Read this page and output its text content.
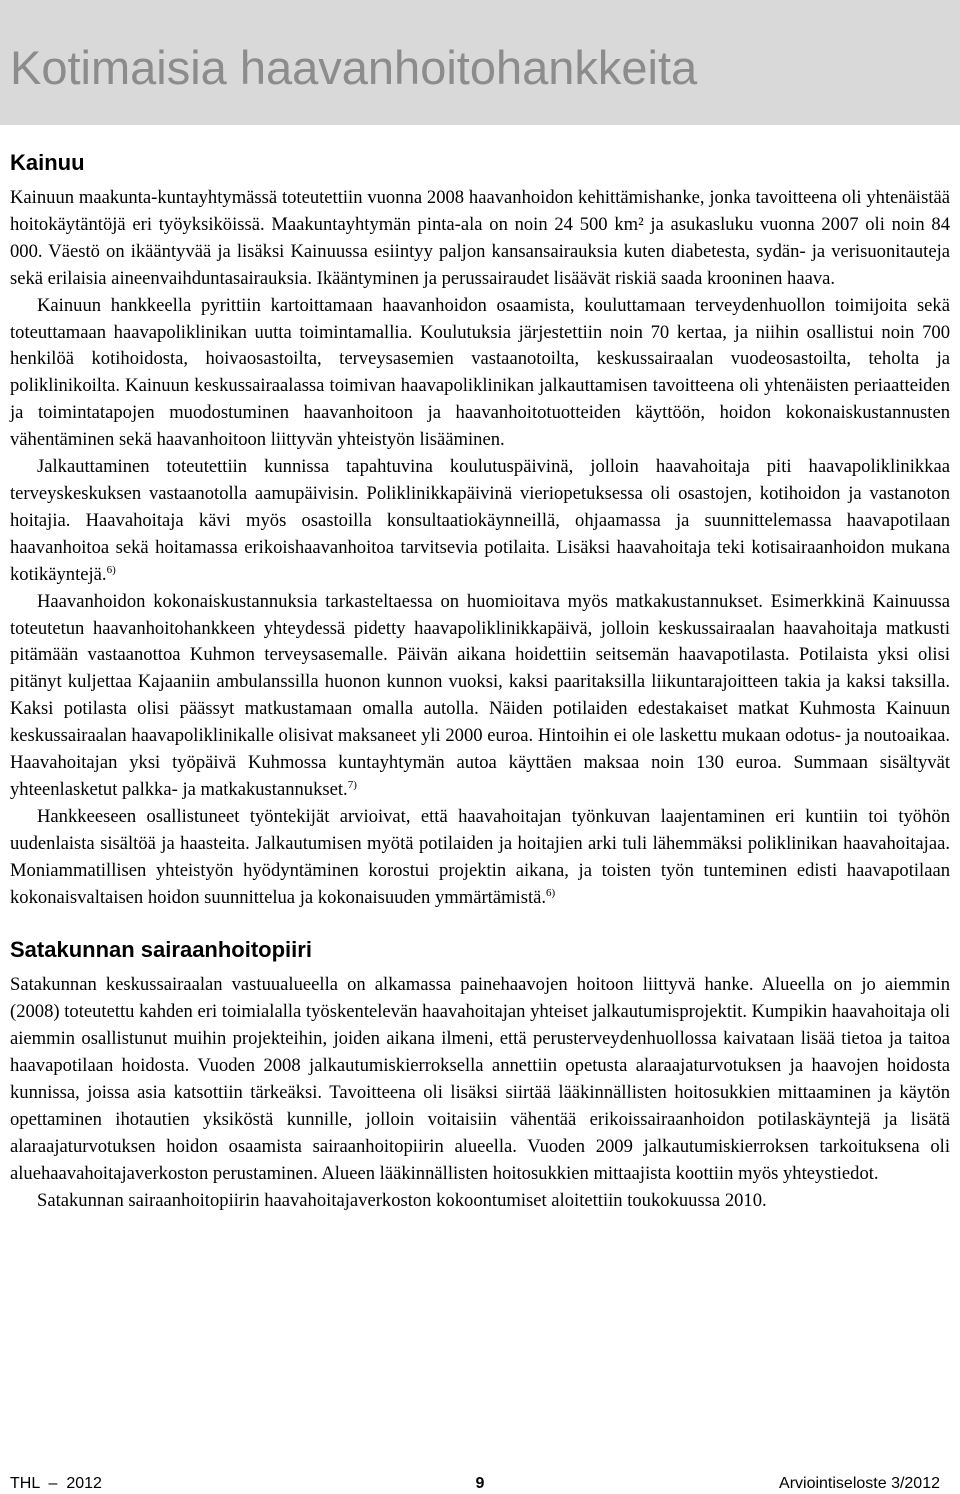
Kotimaisia haavanhoitohankkeita
Kainuu

Kainuun maakunta-kuntayhtymässä toteutettiin vuonna 2008 haavanhoidon kehittämishanke, jonka tavoitteena oli yhtenäistää hoitokäytäntöjä eri työyksiköissä. Maakuntayhtymän pinta-ala on noin 24 500 km² ja asukasluku vuonna 2007 oli noin 84 000. Väestö on ikääntyvää ja lisäksi Kainuussa esiintyy paljon kansansairauksia kuten diabetesta, sydän- ja verisuonitauteja sekä erilaisia aineenvaihduntasairauksia. Ikääntyminen ja perussairaudet lisäävät riskiä saada krooninen haava.

Kainuun hankkeella pyrittiin kartoittamaan haavanhoidon osaamista, kouluttamaan terveydenhuollon toimijoita sekä toteuttamaan haavapoliklinikan uutta toimintamallia. Koulutuksia järjestettiin noin 70 kertaa, ja niihin osallistui noin 700 henkilöä kotihoidosta, hoivaosastoilta, terveysasemien vastaanotoilta, keskussairaalan vuodeosastoilta, teholta ja poliklinikoilta. Kainuun keskussairaalassa toimivan haavapoliklinikan jalkauttamisen tavoitteena oli yhtenäisten periaatteiden ja toimintatapojen muodostuminen haavanhoitoon ja haavanhoitotuotteiden käyttöön, hoidon kokonaiskustannusten vähentäminen sekä haavanhoitoon liittyvän yhteistyön lisääminen.

Jalkauttaminen toteutettiin kunnissa tapahtuvina koulutuspäivinä, jolloin haavahoitaja piti haavapoliklinikkaa terveyskeskuksen vastaanotolla aamupäivisin. Poliklinikkapäivinä vieriopetuksessa oli osastojen, kotihoidon ja vastanoton hoitajia. Haavahoitaja kävi myös osastoilla konsultaatiokäynneillä, ohjaamassa ja suunnittelemassa haavapotilaan haavanhoitoa sekä hoitamassa erikoishaavanhoitoa tarvitsevia potilaita. Lisäksi haavahoitaja teki kotisairaanhoidon mukana kotikäyntejä.$^{6)}$

Haavanhoidon kokonaiskustannuksia tarkasteltaessa on huomioitava myös matkakustannukset. Esimerkkinä Kainuussa toteutetun haavanhoitohankkeen yhteydessä pidetty haavapoliklinikkapäivä, jolloin keskussairaalan haavahoitaja matkusti pitämään vastaanottoa Kuhmon terveysasemalle. Päivän aikana hoidettiin seitsemän haavapotilasta. Potilaista yksi olisi pitänyt kuljettaa Kajaaniin ambulanssilla huonon kunnon vuoksi, kaksi paaritaksilla liikuntarajoitteen takia ja kaksi taksilla. Kaksi potilasta olisi päässyt matkustamaan omalla autolla. Näiden potilaiden edestakaiset matkat Kuhmosta Kainuun keskussairaalan haavapoliklinikalle olisivat maksaneet yli 2000 euroa. Hintoihin ei ole laskettu mukaan odotus- ja noutoaikaa. Haavahoitajan yksi työpäivä Kuhmossa kuntayhtymän autoa käyttäen maksaa noin 130 euroa. Summaan sisältyvät yhteenlasketut palkka- ja matkakustannukset.$^{7)}$

Hankkeeseen osallistuneet työntekijät arvioivat, että haavahoitajan työnkuvan laajentaminen eri kuntiin toi työhön uudenlaista sisältöä ja haasteita. Jalkautumisen myötä potilaiden ja hoitajien arki tuli lähemmäksi poliklinikan haavahoitajaa. Moniammatillisen yhteistyön hyödyntäminen korostui projektin aikana, ja toisten työn tunteminen edisti haavapotilaan kokonaisvaltaisen hoidon suunnittelua ja kokonaisuuden ymmärtämistä.$^{6)}$

Satakunnan sairaanhoitopiiri

Satakunnan keskussairaalan vastuualueella on alkamassa painehaavojen hoitoon liittyvä hanke. Alueella on jo aiemmin (2008) toteutettu kahden eri toimialalla työskentelevän haavahoitajan yhteiset jalkautumisprojektit. Kumpikin haavahoitaja oli aiemmin osallistunut muihin projekteihin, joiden aikana ilmeni, että perusterveydenhuollossa kaivataan lisää tietoa ja taitoa haavapotilaan hoidosta. Vuoden 2008 jalkautumiskierroksella annettiin opetusta alaraajaturvotuksen ja haavojen hoidosta kunnissa, joissa asia katsottiin tärkeäksi. Tavoitteena oli lisäksi siirtää lääkinnällisten hoitosukkien mittaaminen ja käytön opettaminen ihotautien yksiköstä kunnille, jolloin voitaisiin vähentää erikoissairaanhoidon potilaskäyntejä ja lisätä alaraajaturvotuksen hoidon osaamista sairaanhoitopiirin alueella. Vuoden 2009 jalkautumiskierroksen tarkoituksena oli aluehaavahoitajaverkoston perustaminen. Alueen lääkinnällisten hoitosukkien mittaajista koottiin myös yhteystiedot.

Satakunnan sairaanhoitopiirin haavahoitajaverkoston kokoontumiset aloitettiin toukokuussa 2010.

THL  –  2012	9	Arviointiseloste 3/2012
